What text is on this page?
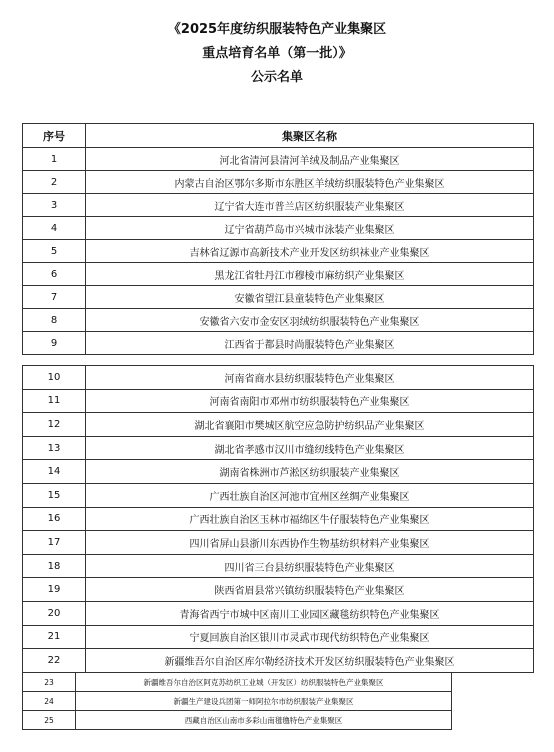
《2025年度纺织服装特色产业集聚区
重点培育名单（第一批）》
公示名单
序号	集聚区名称
1	河北省清河县清河羊绒及制品产业集聚区
2	内蒙古自治区鄂尔多斯市东胜区羊绒纺织服装特色产业集聚区
3	辽宁省大连市普兰店区纺织服装产业集聚区
4	辽宁省葫芦岛市兴城市泳装产业集聚区
5	吉林省辽源市高新技术产业开发区纺织袜业产业集聚区
6	黑龙江省牡丹江市穆棱市麻纺织产业集聚区
7	安徽省望江县童装特色产业集聚区
8	安徽省六安市金安区羽绒纺织服装特色产业集聚区
9	江西省于都县时尚服装特色产业集聚区
10	河南省商水县纺织服装特色产业集聚区
11	河南省南阳市邓州市纺织服装特色产业集聚区
12	湖北省襄阳市樊城区航空应急防护纺织品产业集聚区
13	湖北省孝感市汉川市缝纫线特色产业集聚区
14	湖南省株洲市芦淞区纺织服装产业集聚区
15	广西壮族自治区河池市宜州区丝绸产业集聚区
16	广西壮族自治区玉林市福绵区牛仔服装特色产业集聚区
17	四川省屏山县浙川东西协作生物基纺织材料产业集聚区
18	四川省三台县纺织服装特色产业集聚区
19	陕西省眉县常兴镇纺织服装特色产业集聚区
20	青海省西宁市城中区南川工业园区藏毯纺织特色产业集聚区
21	宁夏回族自治区银川市灵武市现代纺织特色产业集聚区
22	新疆维吾尔自治区库尔勒经济技术开发区纺织服装特色产业集聚区
23	新疆维吾尔自治区阿克苏纺织工业城（开发区）纺织服装特色产业集聚区
24	新疆生产建设兵团第一师阿拉尔市纺织服装产业集聚区
25	西藏自治区山南市多彩山南氆氇特色产业集聚区
